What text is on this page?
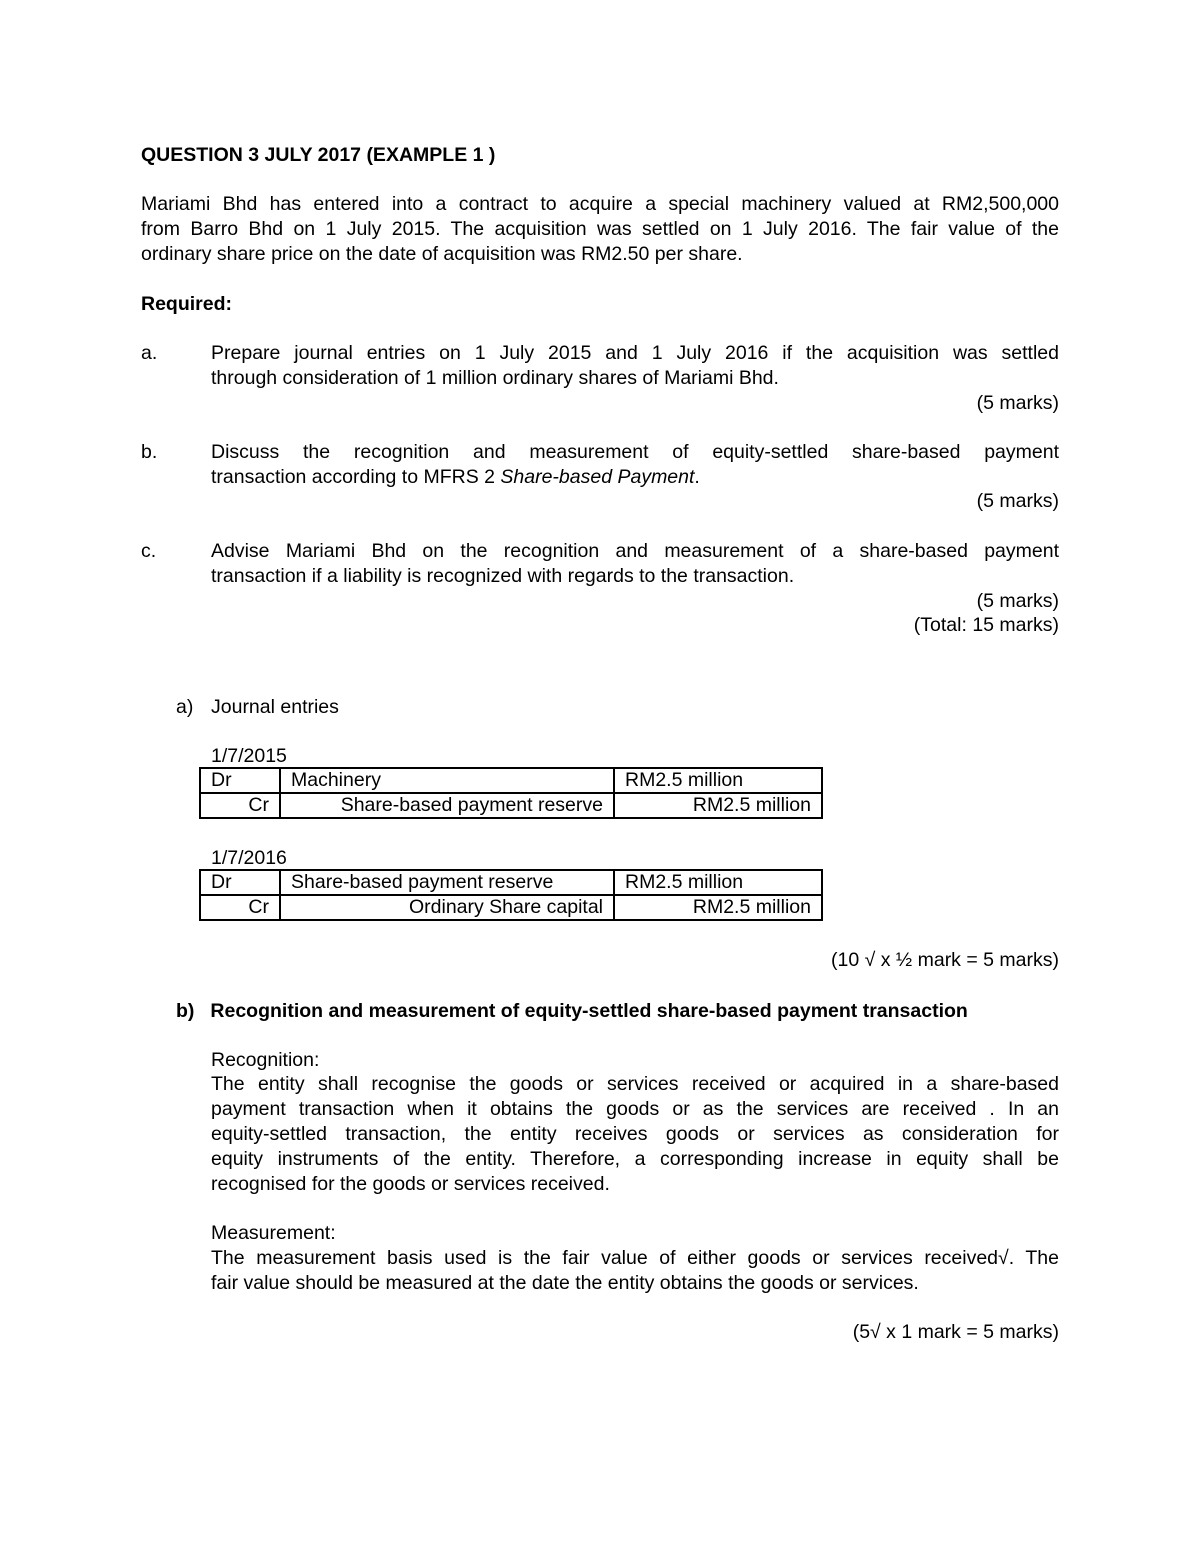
QUESTION 3 JULY 2017 (EXAMPLE 1 )
Mariami Bhd has entered into a contract to acquire a special machinery valued at RM2,500,000
from Barro Bhd on 1 July 2015. The acquisition was settled on 1 July 2016. The fair value of the
ordinary share price on the date of acquisition was RM2.50 per share.
Required:
a.	Prepare journal entries on 1 July 2015 and 1 July 2016 if the acquisition was settled
through consideration of 1 million ordinary shares of Mariami Bhd.
(5 marks)
b.	Discuss the recognition and measurement of equity-settled share-based payment
transaction according to MFRS 2 Share-based Payment.
(5 marks)
c.	Advise Mariami Bhd on the recognition and measurement of a share-based payment
transaction if a liability is recognized with regards to the transaction.
(5 marks)
(Total: 15 marks)
a) Journal entries
1/7/2015
Dr	Machinery	RM2.5 million
Cr	Share-based payment reserve	RM2.5 million
1/7/2016
Dr	Share-based payment reserve	RM2.5 million
Cr	Ordinary Share capital	RM2.5 million
(10 √ x ½ mark = 5 marks)
b) Recognition and measurement of equity-settled share-based payment transaction
Recognition:
The entity shall recognise the goods or services received or acquired in a share-based
payment transaction when it obtains the goods or as the services are received . In an
equity-settled transaction, the entity receives goods or services as consideration for
equity instruments of the entity. Therefore, a corresponding increase in equity shall be
recognised for the goods or services received.
Measurement:
The measurement basis used is the fair value of either goods or services received√. The
fair value should be measured at the date the entity obtains the goods or services.
(5√ x 1 mark = 5 marks)
